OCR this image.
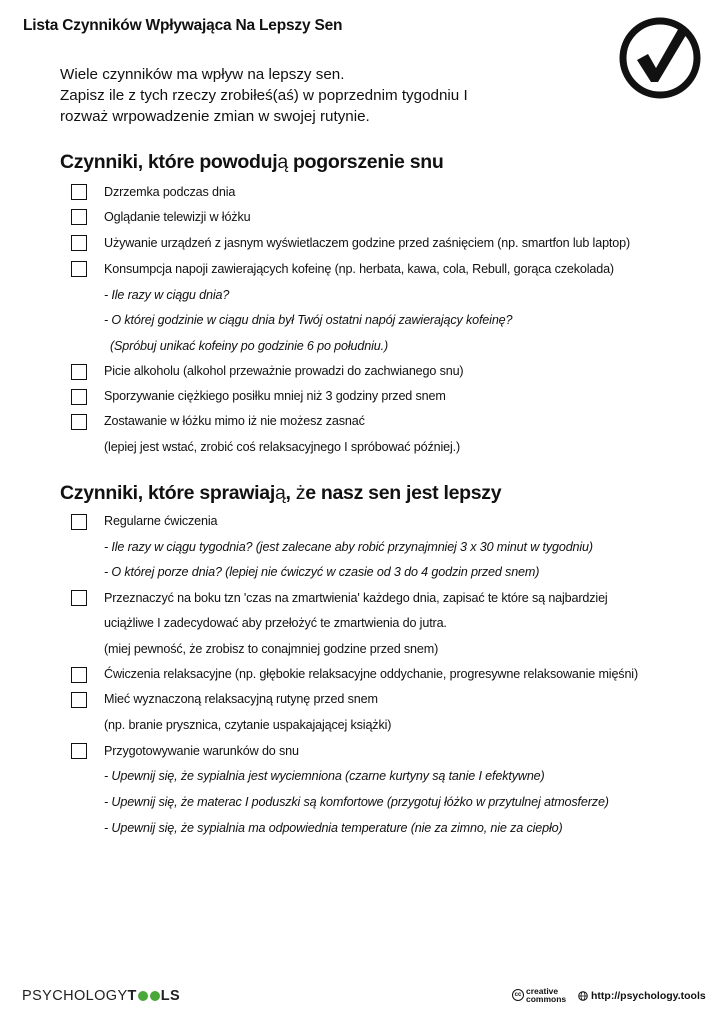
Lista Czynników Wpływająca Na Lepszy Sen
Wiele czynników ma wpływ na lepszy sen.
Zapisz ile z tych rzeczy zrobiłeś(aś) w poprzednim tygodniu I
rozważ wrpowadzenie zmian w swojej rutynie.
Czynniki, które powodują pogorszenie snu
Dzrzemka podczas dnia
Oglądanie telewizji w łóżku
Używanie urządzeń z jasnym wyświetlaczem godzine przed zaśnięciem (np. smartfon lub laptop)
Konsumpcja napoji zawierających kofeinę (np. herbata, kawa, cola, Rebull, gorąca czekolada)
- Ile razy w ciągu dnia?
- O której godzinie w ciągu dnia był Twój ostatni napój zawierający kofeinę?
(Spróbuj unikać kofeiny po godzinie 6 po południu.)
Picie alkoholu (alkohol przeważnie prowadzi do zachwianego snu)
Sporzywanie ciężkiego posiłku mniej niż 3 godziny przed snem
Zostawanie w łóżku mimo iż nie możesz zasnać
(lepiej jest wstać, zrobić coś relaksacyjnego I spróbować później.)
Czynniki, które sprawiają, że nasz sen jest lepszy
Regularne ćwiczenia
- Ile razy w ciągu tygodnia? (jest zalecane aby robić przynajmniej 3 x 30 minut w tygodniu)
- O której porze dnia? (lepiej nie ćwiczyć w czasie od 3 do 4 godzin przed snem)
Przeznaczyć na boku tzn 'czas na zmartwienia' każdego dnia, zapisać te które są najbardziej
uciążliwe I zadecydować aby przełożyć te zmartwienia do jutra.
(miej pewność, że zrobisz to conajmniej godzine przed snem)
Ćwiczenia relaksacyjne (np. głębokie relaksacyjne oddychanie, progresywne relaksowanie mięśni)
Mieć wyznaczoną relaksacyjną rutynę przed snem
(np. branie prysznica, czytanie uspakajającej książki)
Przygotowywanie warunków do snu
- Upewnij się, że sypialnia jest wyciemniona (czarne kurtyny są tanie I efektywne)
- Upewnij się, że materac I poduszki są komfortowe (przygotuj łóżko w przytulnej atmosferze)
- Upewnij się, że sypialnia ma odpowiednia temperature (nie za zimno, nie za ciepło)
PSYCHOLOGYT LS	cc creative
commons http://psychology.tools
